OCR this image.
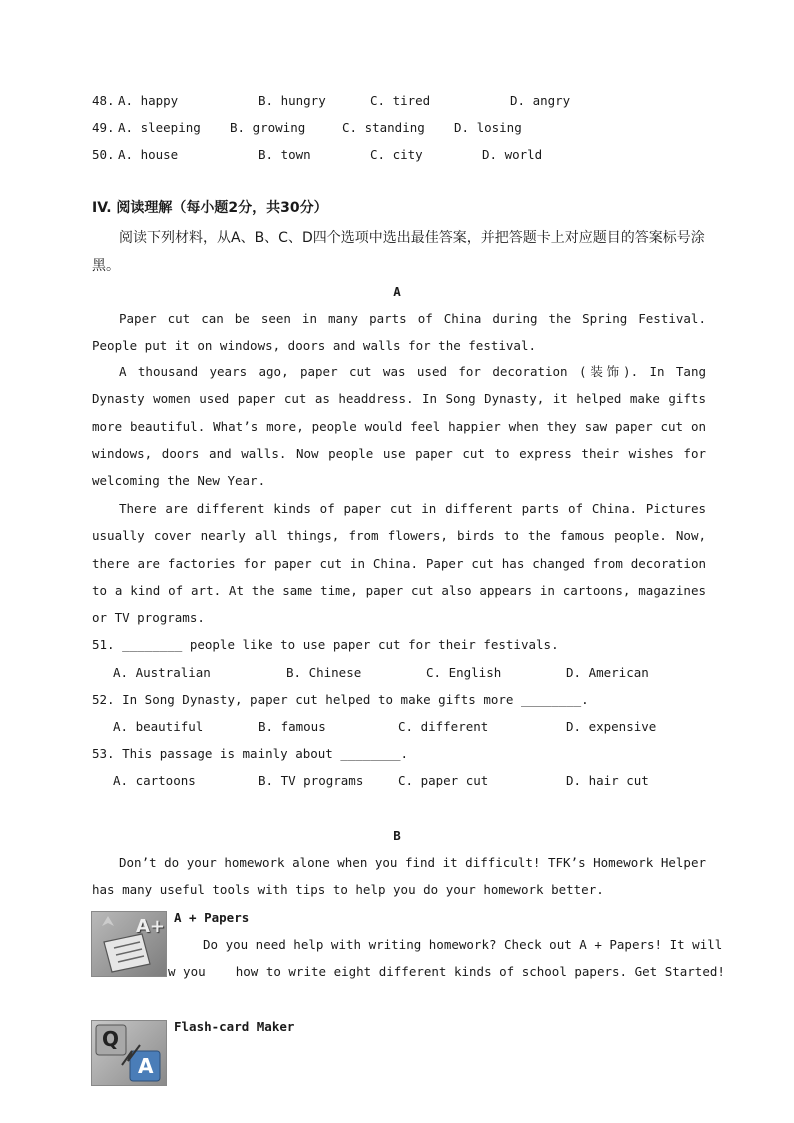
48. A. happy	B. hungry	C. tired	D. angry
49. A. sleeping B. growing	C. standing D. losing
50. A. house	B. town	C. city	D. world
IV. 阅读理解（每小题2分，共30分）
阅读下列材料，从A、B、C、D四个选项中选出最佳答案，并把答题卡上对应题目的答案标号涂黑。
A
Paper cut can be seen in many parts of China during the Spring Festival. People put it on windows, doors and walls for the festival.
A thousand years ago, paper cut was used for decoration (装饰). In Tang Dynasty women used paper cut as headdress. In Song Dynasty, it helped make gifts more beautiful. What’s more, people would feel happier when they saw paper cut on windows, doors and walls. Now people use paper cut to express their wishes for welcoming the New Year.
There are different kinds of paper cut in different parts of China. Pictures usually cover nearly all things, from flowers, birds to the famous people. Now, there are factories for paper cut in China. Paper cut has changed from decoration to a kind of art. At the same time, paper cut also appears in cartoons, magazines or TV programs.
51. ________ people like to use paper cut for their festivals.
A. Australian	B. Chinese	C. English	D. American
52. In Song Dynasty, paper cut helped to make gifts more ________.
A. beautiful	B. famous	C. different	D. expensive
53. This passage is mainly about ________.
A. cartoons	B. TV programs	C. paper cut	D. hair cut
B
Don’t do your homework alone when you find it difficult! TFK’s Homework Helper has many useful tools with tips to help you do your homework better.
A+ A + Papers
Do you need help with writing homework? Check out A + Papers! It will
w you    how to write eight different kinds of school papers. Get Started!
Q
A
Flash-card Maker
